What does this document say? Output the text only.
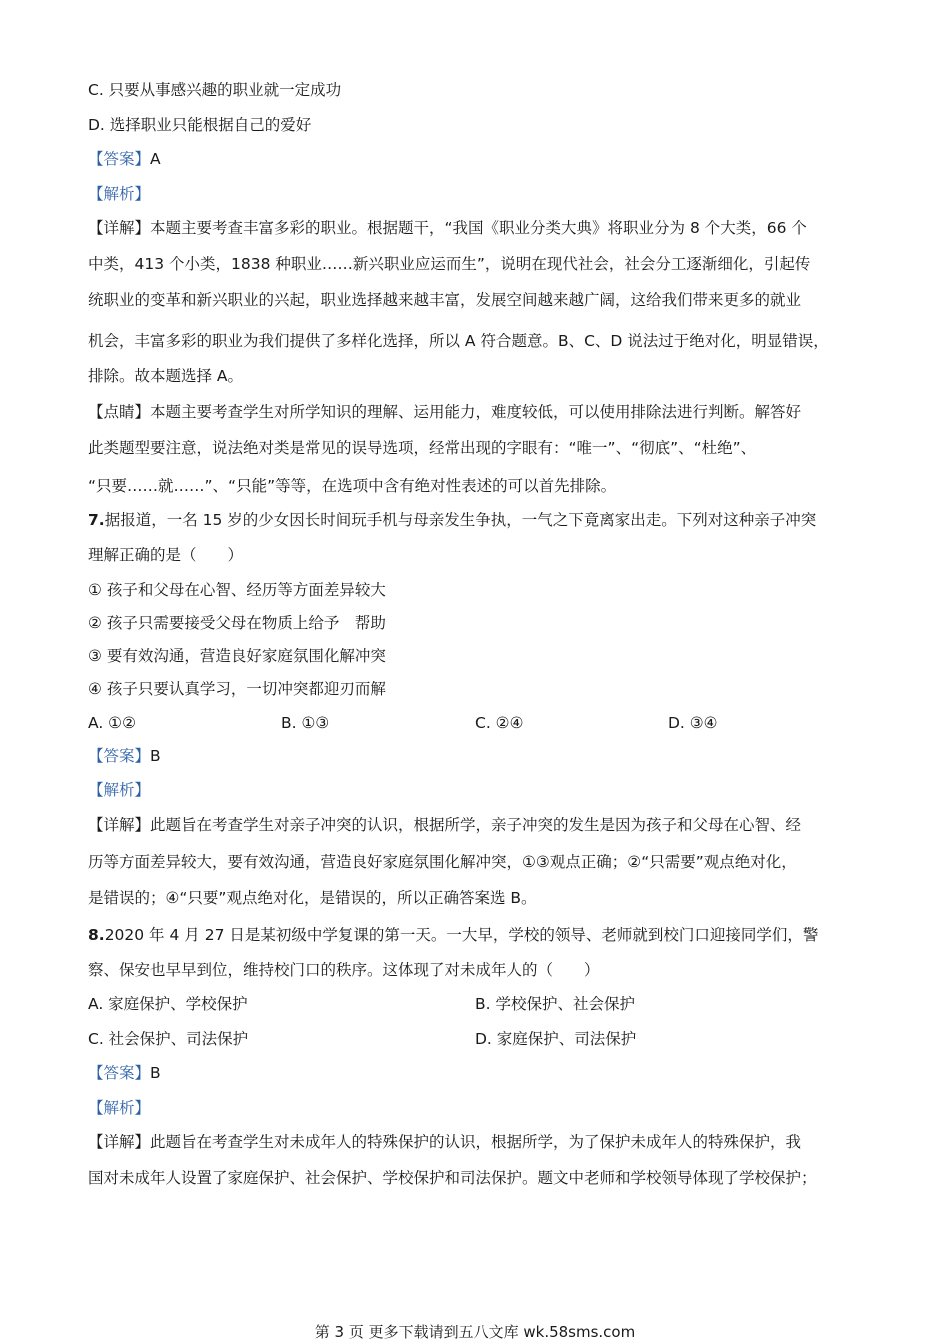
C. 只要从事感兴趣的职业就一定成功
D. 选择职业只能根据自己的爱好
【答案】A
【解析】
【详解】本题主要考查丰富多彩的职业。根据题干，“我国《职业分类大典》将职业分为 8 个大类，66 个
中类，413 个小类，1838 种职业……新兴职业应运而生”，说明在现代社会，社会分工逐渐细化，引起传
统职业的变革和新兴职业的兴起，职业选择越来越丰富，发展空间越来越广阔，这给我们带来更多的就业
机会，丰富多彩的职业为我们提供了多样化选择，所以 A 符合题意。B、C、D 说法过于绝对化，明显错误，
排除。故本题选择 A。
【点睛】本题主要考查学生对所学知识的理解、运用能力，难度较低，可以使用排除法进行判断。解答好
此类题型要注意，说法绝对类是常见的误导选项，经常出现的字眼有：“唯一”、“彻底”、“杜绝”、
“只要……就……”、“只能”等等，在选项中含有绝对性表述的可以首先排除。
7.据报道，一名 15 岁的少女因长时间玩手机与母亲发生争执，一气之下竟离家出走。下列对这种亲子冲突
理解正确的是（　　）
① 孩子和父母在心智、经历等方面差异较大
② 孩子只需要接受父母在物质上给予　帮助
③ 要有效沟通，营造良好家庭氛围化解冲突
④ 孩子只要认真学习，一切冲突都迎刃而解
A. ①②	B. ①③	C. ②④	D. ③④
【答案】B
【解析】
【详解】此题旨在考查学生对亲子冲突的认识，根据所学，亲子冲突的发生是因为孩子和父母在心智、经
历等方面差异较大，要有效沟通，营造良好家庭氛围化解冲突，①③观点正确；②“只需要”观点绝对化，
是错误的；④“只要”观点绝对化，是错误的，所以正确答案选 B。
8.2020 年 4 月 27 日是某初级中学复课的第一天。一大早，学校的领导、老师就到校门口迎接同学们，警
察、保安也早早到位，维持校门口的秩序。这体现了对未成年人的（　　）
A. 家庭保护、学校保护	B. 学校保护、社会保护
C. 社会保护、司法保护	D. 家庭保护、司法保护
【答案】B
【解析】
【详解】此题旨在考查学生对未成年人的特殊保护的认识，根据所学，为了保护未成年人的特殊保护，我
国对未成年人设置了家庭保护、社会保护、学校保护和司法保护。题文中老师和学校领导体现了学校保护；
第 3 页 更多下载请到五八文库 wk.58sms.com
